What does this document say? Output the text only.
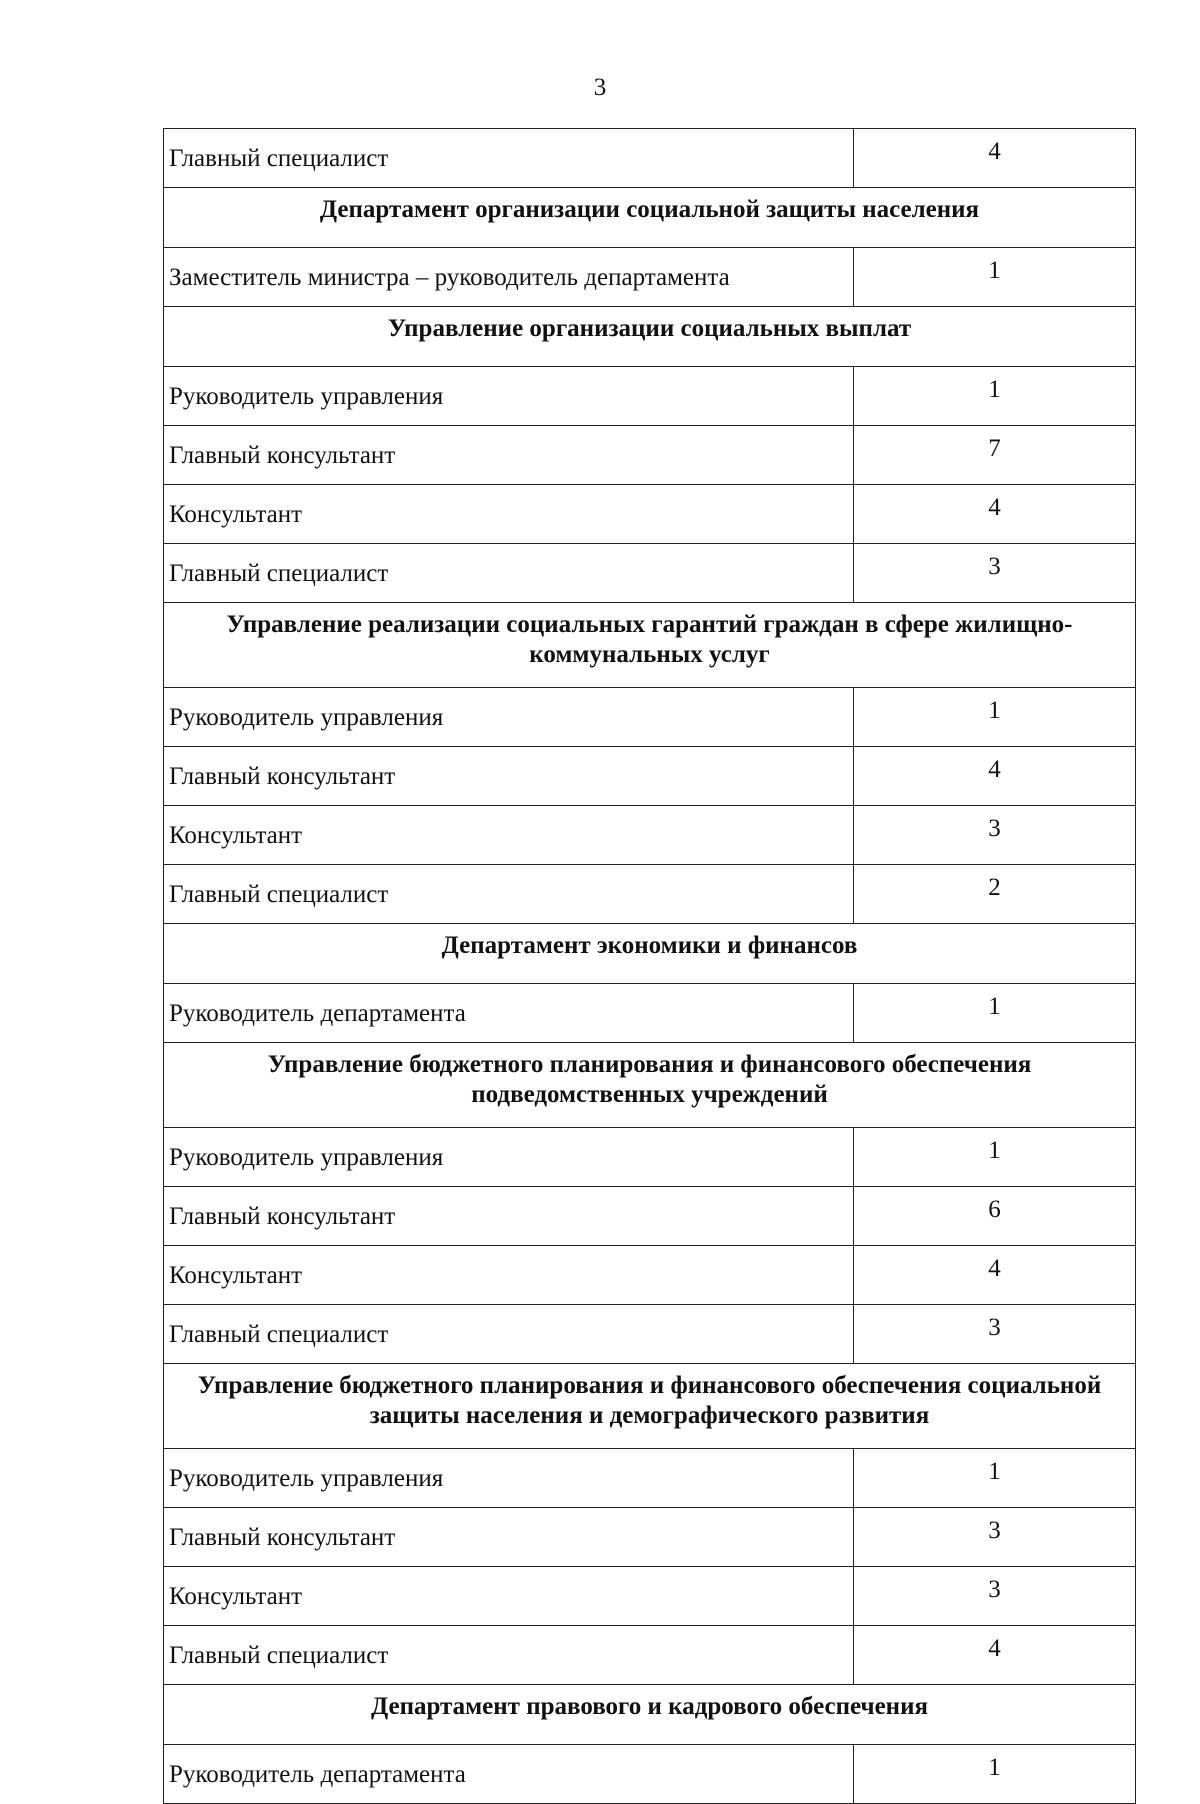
3
Главный специалист	4
Департамент организации социальной защиты населения	
Заместитель министра – руководитель департамента	1
Управление организации социальных выплат	
Руководитель управления	1
Главный консультант	7
Консультант	4
Главный специалист	3
Управление реализации социальных гарантий граждан в сфере жилищно-коммунальных услуг	
Руководитель управления	1
Главный консультант	4
Консультант	3
Главный специалист	2
Департамент экономики и финансов	
Руководитель департамента	1
Управление бюджетного планирования и финансового обеспечения подведомственных учреждений	
Руководитель управления	1
Главный консультант	6
Консультант	4
Главный специалист	3
Управление бюджетного планирования и финансового обеспечения социальной защиты населения и демографического развития	
Руководитель управления	1
Главный консультант	3
Консультант	3
Главный специалист	4
Департамент правового и кадрового обеспечения	
Руководитель департамента	1
